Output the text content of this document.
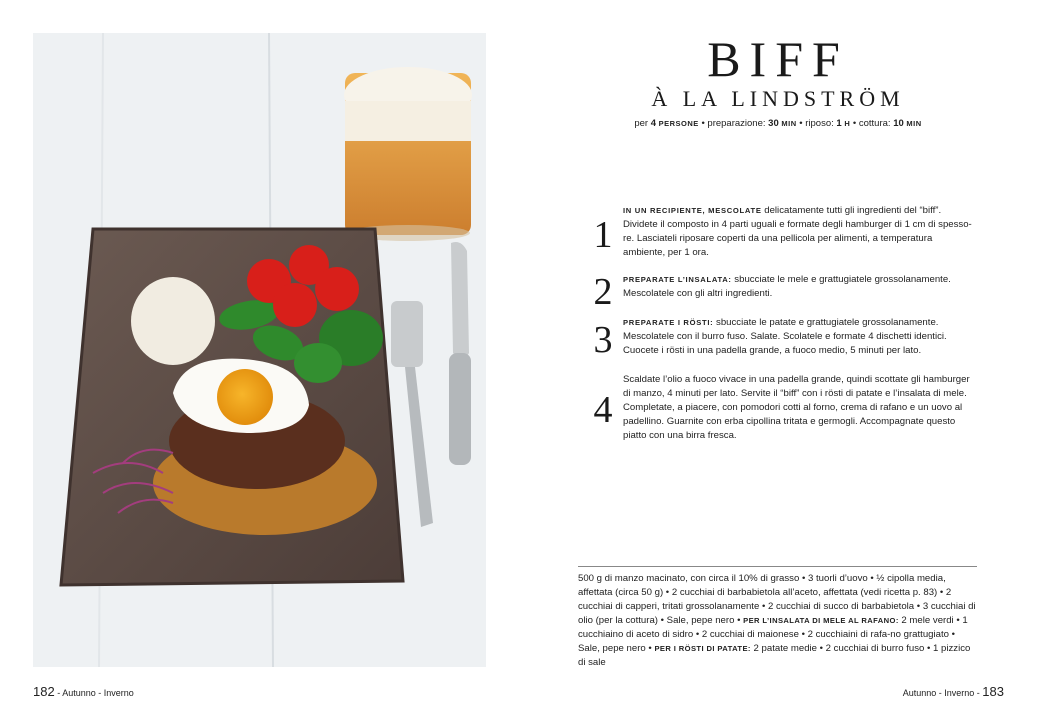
BIFF
À LA LINDSTRÖM
per 4 PERSONE • preparazione: 30 MIN • riposo: 1 H • cottura: 10 MIN
1
IN UN RECIPIENTE, MESCOLATE delicatamente tutti gli ingredienti del “biff”. Dividete il composto in 4 parti uguali e formate degli hamburger di 1 cm di spesso-re. Lasciateli riposare coperti da una pellicola per alimenti, a temperatura ambiente, per 1 ora.
2	PREPARATE L’INSALATA: sbucciate le mele e grattugiatele grossolanamente. Mescolatele con gli altri ingredienti.
3	PREPARATE I RÖSTI: sbucciate le patate e grattugiatele grossolanamente. Mescolatele con il burro fuso. Salate. Scolatele e formate 4 dischetti identici. Cuocete i rösti in una padella grande, a fuoco medio, 5 minuti per lato.
4
Scaldate l’olio a fuoco vivace in una padella grande, quindi scottate gli hamburger di manzo, 4 minuti per lato. Servite il “biff” con i rösti di patate e l’insalata di mele. Completate, a piacere, con pomodori cotti al forno, crema di rafano e un uovo al padellino. Guarnite con erba cipollina tritata e germogli. Accompagnate questo piatto con una birra fresca.
500 g di manzo macinato, con circa il 10% di grasso • 3 tuorli d’uovo • ½ cipolla media, affettata (circa 50 g) • 2 cucchiai di barbabietola all’aceto, affettata (vedi ricetta p. 83) • 2 cucchiai di capperi, tritati grossolanamente • 2 cucchiai di succo di barbabietola • 3 cucchiai di olio (per la cottura) • Sale, pepe nero • PER L’INSALATA DI MELE AL RAFANO: 2 mele verdi • 1 cucchiaino di aceto di sidro • 2 cucchiai di maionese • 2 cucchiaini di rafa-no grattugiato • Sale, pepe nero • PER I RÖSTI DI PATATE: 2 patate medie • 2 cucchiai di burro fuso • 1 pizzico di sale
182 - Autunno - Inverno	Autunno - Inverno - 183
